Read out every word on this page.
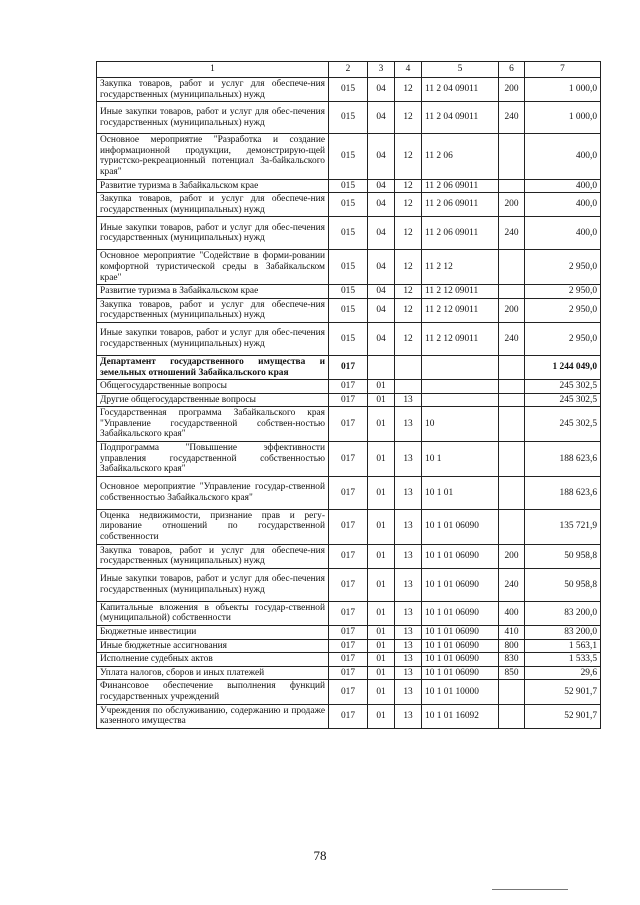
1	2	3	4	5	6	7
Закупка товаров, работ и услуг для обеспече-ния государственных (муниципальных) нужд	015	04	12	11 2 04 09011	200	1 000,0
Иные закупки товаров, работ и услуг для обес-печения государственных (муниципальных) нужд	015	04	12	11 2 04 09011	240	1 000,0
Основное мероприятие "Разработка и создание информационной продукции, демонстрирую-щей туристско-рекреационный потенциал За-байкальского края"	015	04	12	11 2 06		400,0
Развитие туризма в Забайкальском крае	015	04	12	11 2 06 09011		400,0
Закупка товаров, работ и услуг для обеспече-ния государственных (муниципальных) нужд	015	04	12	11 2 06 09011	200	400,0
Иные закупки товаров, работ и услуг для обес-печения государственных (муниципальных) нужд	015	04	12	11 2 06 09011	240	400,0
Основное мероприятие "Содействие в форми-ровании комфортной туристической среды в Забайкальском крае"	015	04	12	11 2 12		2 950,0
Развитие туризма в Забайкальском крае	015	04	12	11 2 12 09011		2 950,0
Закупка товаров, работ и услуг для обеспече-ния государственных (муниципальных) нужд	015	04	12	11 2 12 09011	200	2 950,0
Иные закупки товаров, работ и услуг для обес-печения государственных (муниципальных) нужд	015	04	12	11 2 12 09011	240	2 950,0
Департамент государственного имущества и земельных отношений Забайкальского края	017					1 244 049,0
Общегосударственные вопросы	017	01				245 302,5
Другие общегосударственные вопросы	017	01	13			245 302,5
Государственная программа Забайкальского края "Управление государственной собствен-ностью Забайкальского края"	017	01	13	10		245 302,5
Подпрограмма "Повышение эффективности управления государственной собственностью Забайкальского края"	017	01	13	10 1		188 623,6
Основное мероприятие "Управление государ-ственной собственностью Забайкальского края"	017	01	13	10 1 01		188 623,6
Оценка недвижимости, признание прав и регу-лирование отношений по государственной собственности	017	01	13	10 1 01 06090		135 721,9
Закупка товаров, работ и услуг для обеспече-ния государственных (муниципальных) нужд	017	01	13	10 1 01 06090	200	50 958,8
Иные закупки товаров, работ и услуг для обес-печения государственных (муниципальных) нужд	017	01	13	10 1 01 06090	240	50 958,8
Капитальные вложения в объекты государ-ственной (муниципальной) собственности	017	01	13	10 1 01 06090	400	83 200,0
Бюджетные инвестиции	017	01	13	10 1 01 06090	410	83 200,0
Иные бюджетные ассигнования	017	01	13	10 1 01 06090	800	1 563,1
Исполнение судебных актов	017	01	13	10 1 01 06090	830	1 533,5
Уплата налогов, сборов и иных платежей	017	01	13	10 1 01 06090	850	29,6
Финансовое обеспечение выполнения функций государственных учреждений	017	01	13	10 1 01 10000		52 901,7
Учреждения по обслуживанию, содержанию и продаже казенного имущества	017	01	13	10 1 01 16092		52 901,7
78
